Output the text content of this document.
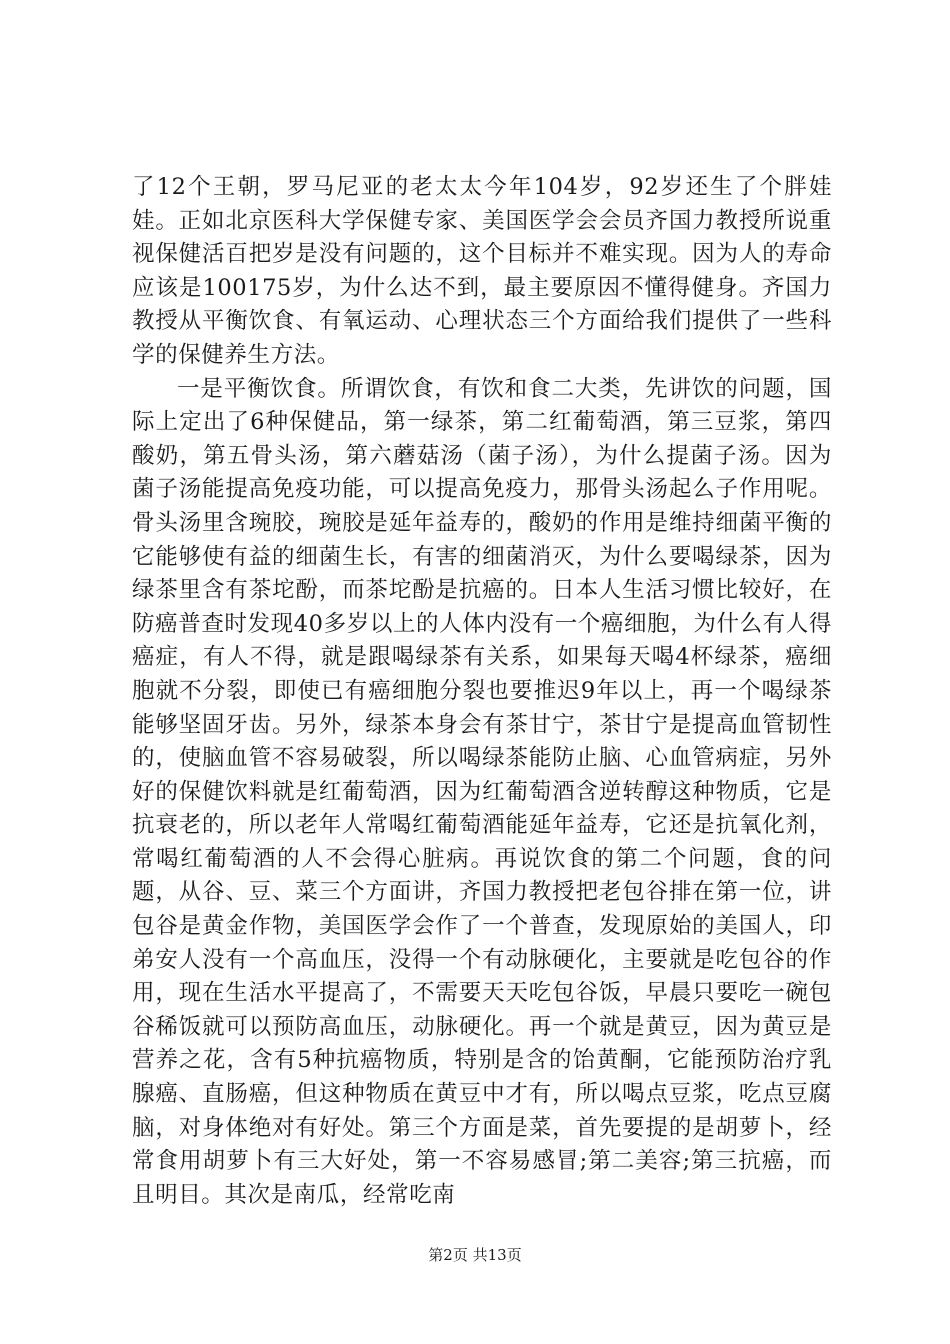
了12个王朝，罗马尼亚的老太太今年104岁，92岁还生了个胖娃娃。正如北京医科大学保健专家、美国医学会会员齐国力教授所说重视保健活百把岁是没有问题的，这个目标并不难实现。因为人的寿命应该是100175岁，为什么达不到，最主要原因不懂得健身。齐国力教授从平衡饮食、有氧运动、心理状态三个方面给我们提供了一些科学的保健养生方法。

一是平衡饮食。所谓饮食，有饮和食二大类，先讲饮的问题，国际上定出了6种保健品，第一绿茶，第二红葡萄酒，第三豆浆，第四酸奶，第五骨头汤，第六蘑菇汤（菌子汤），为什么提菌子汤。因为菌子汤能提高免疫功能，可以提高免疫力，那骨头汤起么子作用呢。骨头汤里含琬胶，琬胶是延年益寿的，酸奶的作用是维持细菌平衡的它能够使有益的细菌生长，有害的细菌消灭，为什么要喝绿茶，因为绿茶里含有茶坨酚，而茶坨酚是抗癌的。日本人生活习惯比较好，在防癌普查时发现40多岁以上的人体内没有一个癌细胞，为什么有人得癌症，有人不得，就是跟喝绿茶有关系，如果每天喝4杯绿茶，癌细胞就不分裂，即使已有癌细胞分裂也要推迟9年以上，再一个喝绿茶能够坚固牙齿。另外，绿茶本身会有茶甘宁，茶甘宁是提高血管韧性的，使脑血管不容易破裂，所以喝绿茶能防止脑、心血管病症，另外好的保健饮料就是红葡萄酒，因为红葡萄酒含逆转醇这种物质，它是抗衰老的，所以老年人常喝红葡萄酒能延年益寿，它还是抗氧化剂，常喝红葡萄酒的人不会得心脏病。再说饮食的第二个问题，食的问题，从谷、豆、菜三个方面讲，齐国力教授把老包谷排在第一位，讲包谷是黄金作物，美国医学会作了一个普查，发现原始的美国人，印弟安人没有一个高血压，没得一个有动脉硬化，主要就是吃包谷的作用，现在生活水平提高了，不需要天天吃包谷饭，早晨只要吃一碗包谷稀饭就可以预防高血压，动脉硬化。再一个就是黄豆，因为黄豆是营养之花，含有5种抗癌物质，特别是含的饴黄酮，它能预防治疗乳腺癌、直肠癌，但这种物质在黄豆中才有，所以喝点豆浆，吃点豆腐脑，对身体绝对有好处。第三个方面是菜，首先要提的是胡萝卜，经常食用胡萝卜有三大好处，第一不容易感冒;第二美容;第三抗癌，而且明目。其次是南瓜，经常吃南

第2页 共13页
